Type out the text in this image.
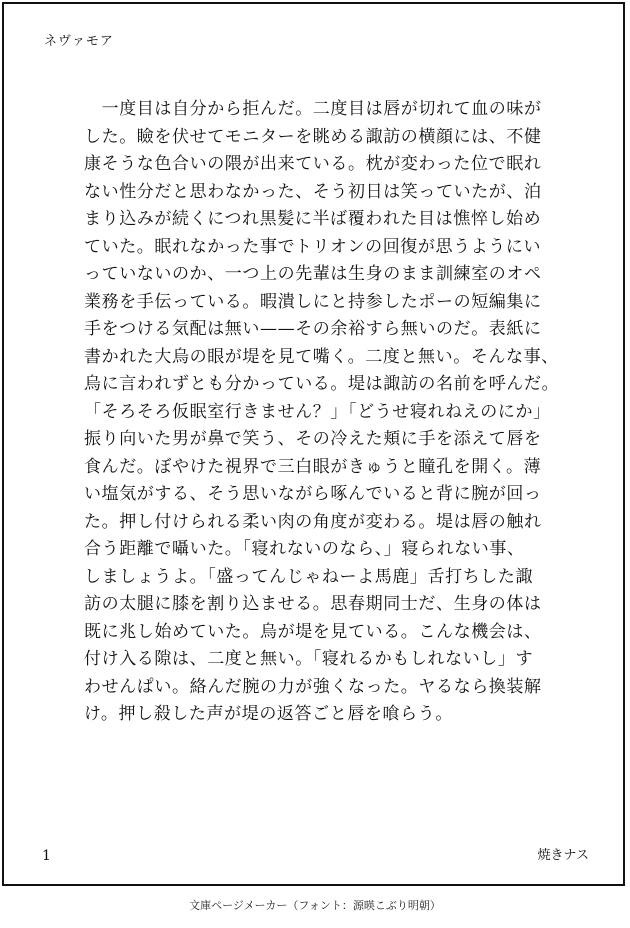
ネヴァモア
　一度目は自分から拒んだ。二度目は唇が切れて血の味が
した。瞼を伏せてモニターを眺める諏訪の横顔には、不健
康そうな色合いの隈が出来ている。枕が変わった位で眠れ
ない性分だと思わなかった、そう初日は笑っていたが、泊
まり込みが続くにつれ黒髪に半ば覆われた目は憔悴し始め
ていた。眠れなかった事でトリオンの回復が思うようにい
っていないのか、一つ上の先輩は生身のまま訓練室のオペ
業務を手伝っている。暇潰しにと持参したポーの短編集に
手をつける気配は無い——その余裕すら無いのだ。表紙に
書かれた大烏の眼が堤を見て嘴く。二度と無い。そんな事、
烏に言われずとも分かっている。堤は諏訪の名前を呼んだ。
「そろそろ仮眠室行きません？」「どうせ寝れねえのにか」
振り向いた男が鼻で笑う、その冷えた頬に手を添えて唇を
食んだ。ぼやけた視界で三白眼がきゅうと瞳孔を開く。薄
い塩気がする、そう思いながら啄んでいると背に腕が回っ
た。押し付けられる柔い肉の角度が変わる。堤は唇の触れ
合う距離で囁いた。「寝れないのなら、」寝られない事、
しましょうよ。「盛ってんじゃねーよ馬鹿」舌打ちした諏
訪の太腿に膝を割り込ませる。思春期同士だ、生身の体は
既に兆し始めていた。烏が堤を見ている。こんな機会は、
付け入る隙は、二度と無い。「寝れるかもしれないし」す
わせんぱい。絡んだ腕の力が強くなった。ヤるなら換装解
け。押し殺した声が堤の返答ごと唇を喰らう。
1	焼きナス
文庫ページメーカー（フォント：源暎こぶり明朝）
